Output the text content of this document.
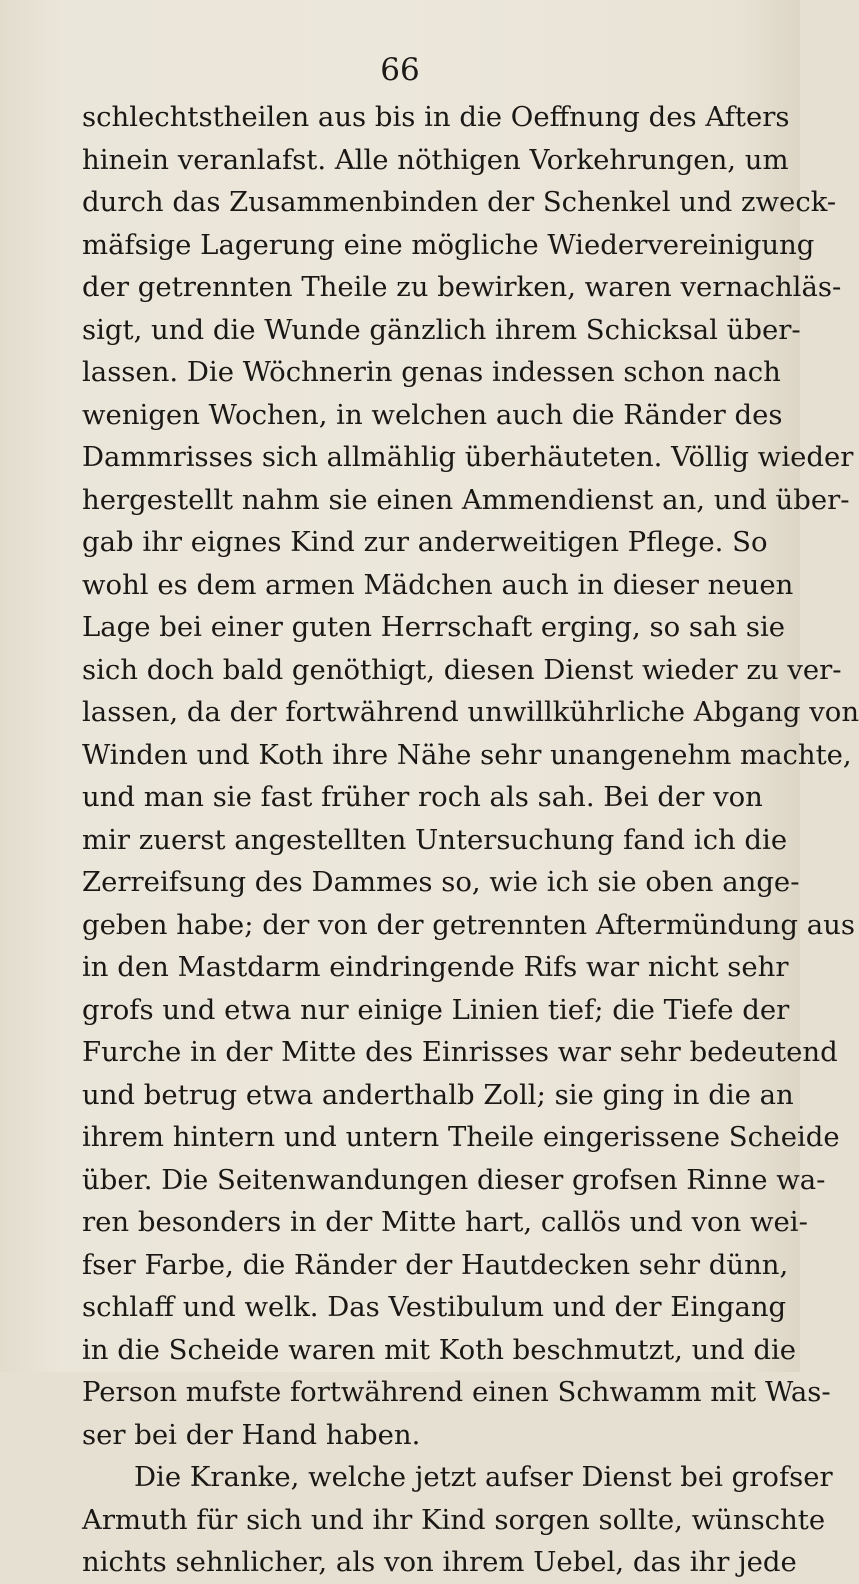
66
schlechtstheilen aus bis in die Oeffnung des Afters
hinein veranlafst. Alle nöthigen Vorkehrungen, um
durch das Zusammenbinden der Schenkel und zweck-
mäfsige Lagerung eine mögliche Wiedervereinigung
der getrennten Theile zu bewirken, waren vernachläs-
sigt, und die Wunde gänzlich ihrem Schicksal über-
lassen. Die Wöchnerin genas indessen schon nach
wenigen Wochen, in welchen auch die Ränder des
Dammrisses sich allmählig überhäuteten. Völlig wieder
hergestellt nahm sie einen Ammendienst an, und über-
gab ihr eignes Kind zur anderweitigen Pflege. So
wohl es dem armen Mädchen auch in dieser neuen
Lage bei einer guten Herrschaft erging, so sah sie
sich doch bald genöthigt, diesen Dienst wieder zu ver-
lassen, da der fortwährend unwillkührliche Abgang von
Winden und Koth ihre Nähe sehr unangenehm machte,
und man sie fast früher roch als sah. Bei der von
mir zuerst angestellten Untersuchung fand ich die
Zerreifsung des Dammes so, wie ich sie oben ange-
geben habe; der von der getrennten Aftermündung aus
in den Mastdarm eindringende Rifs war nicht sehr
grofs und etwa nur einige Linien tief; die Tiefe der
Furche in der Mitte des Einrisses war sehr bedeutend
und betrug etwa anderthalb Zoll; sie ging in die an
ihrem hintern und untern Theile eingerissene Scheide
über. Die Seitenwandungen dieser grofsen Rinne wa-
ren besonders in der Mitte hart, callös und von wei-
fser Farbe, die Ränder der Hautdecken sehr dünn,
schlaff und welk. Das Vestibulum und der Eingang
in die Scheide waren mit Koth beschmutzt, und die
Person mufste fortwährend einen Schwamm mit Was-
ser bei der Hand haben.
Die Kranke, welche jetzt aufser Dienst bei grofser
Armuth für sich und ihr Kind sorgen sollte, wünschte
nichts sehnlicher, als von ihrem Uebel, das ihr jede
